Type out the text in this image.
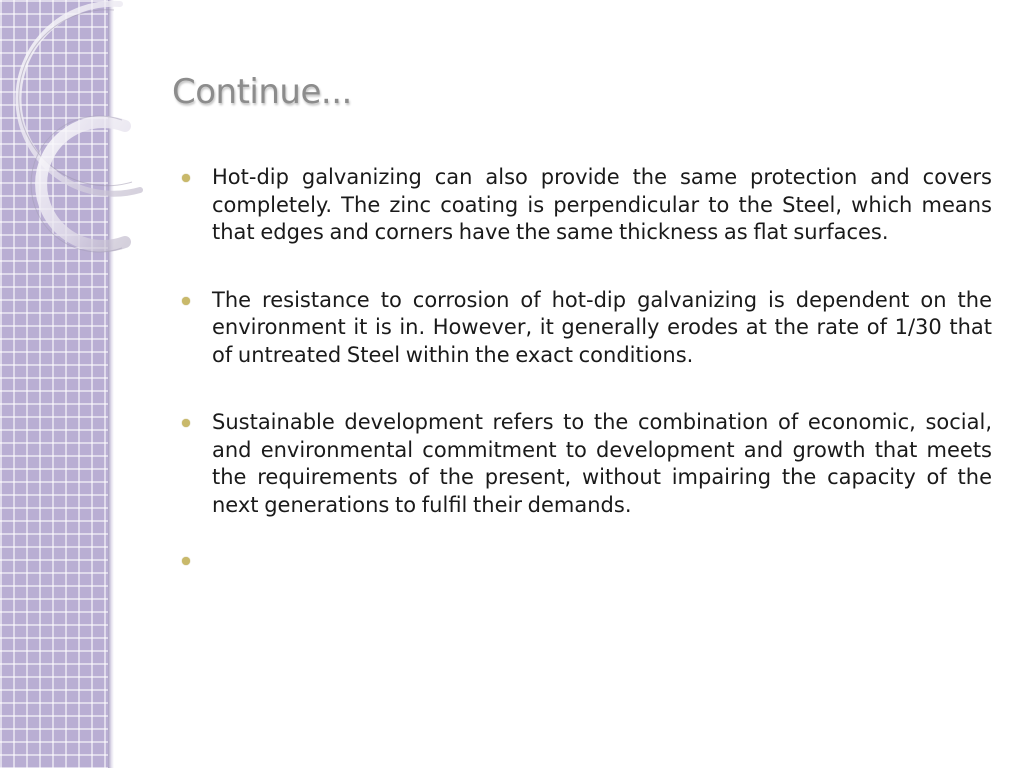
Continue...
Hot-dip galvanizing can also provide the same protection and covers completely. The zinc coating is perpendicular to the Steel, which means that edges and corners have the same thickness as flat surfaces.
The resistance to corrosion of hot-dip galvanizing is dependent on the environment it is in. However, it generally erodes at the rate of 1/30 that of untreated Steel within the exact conditions.
Sustainable development refers to the combination of economic, social, and environmental commitment to development and growth that meets the requirements of the present, without impairing the capacity of the next generations to fulfil their demands.
